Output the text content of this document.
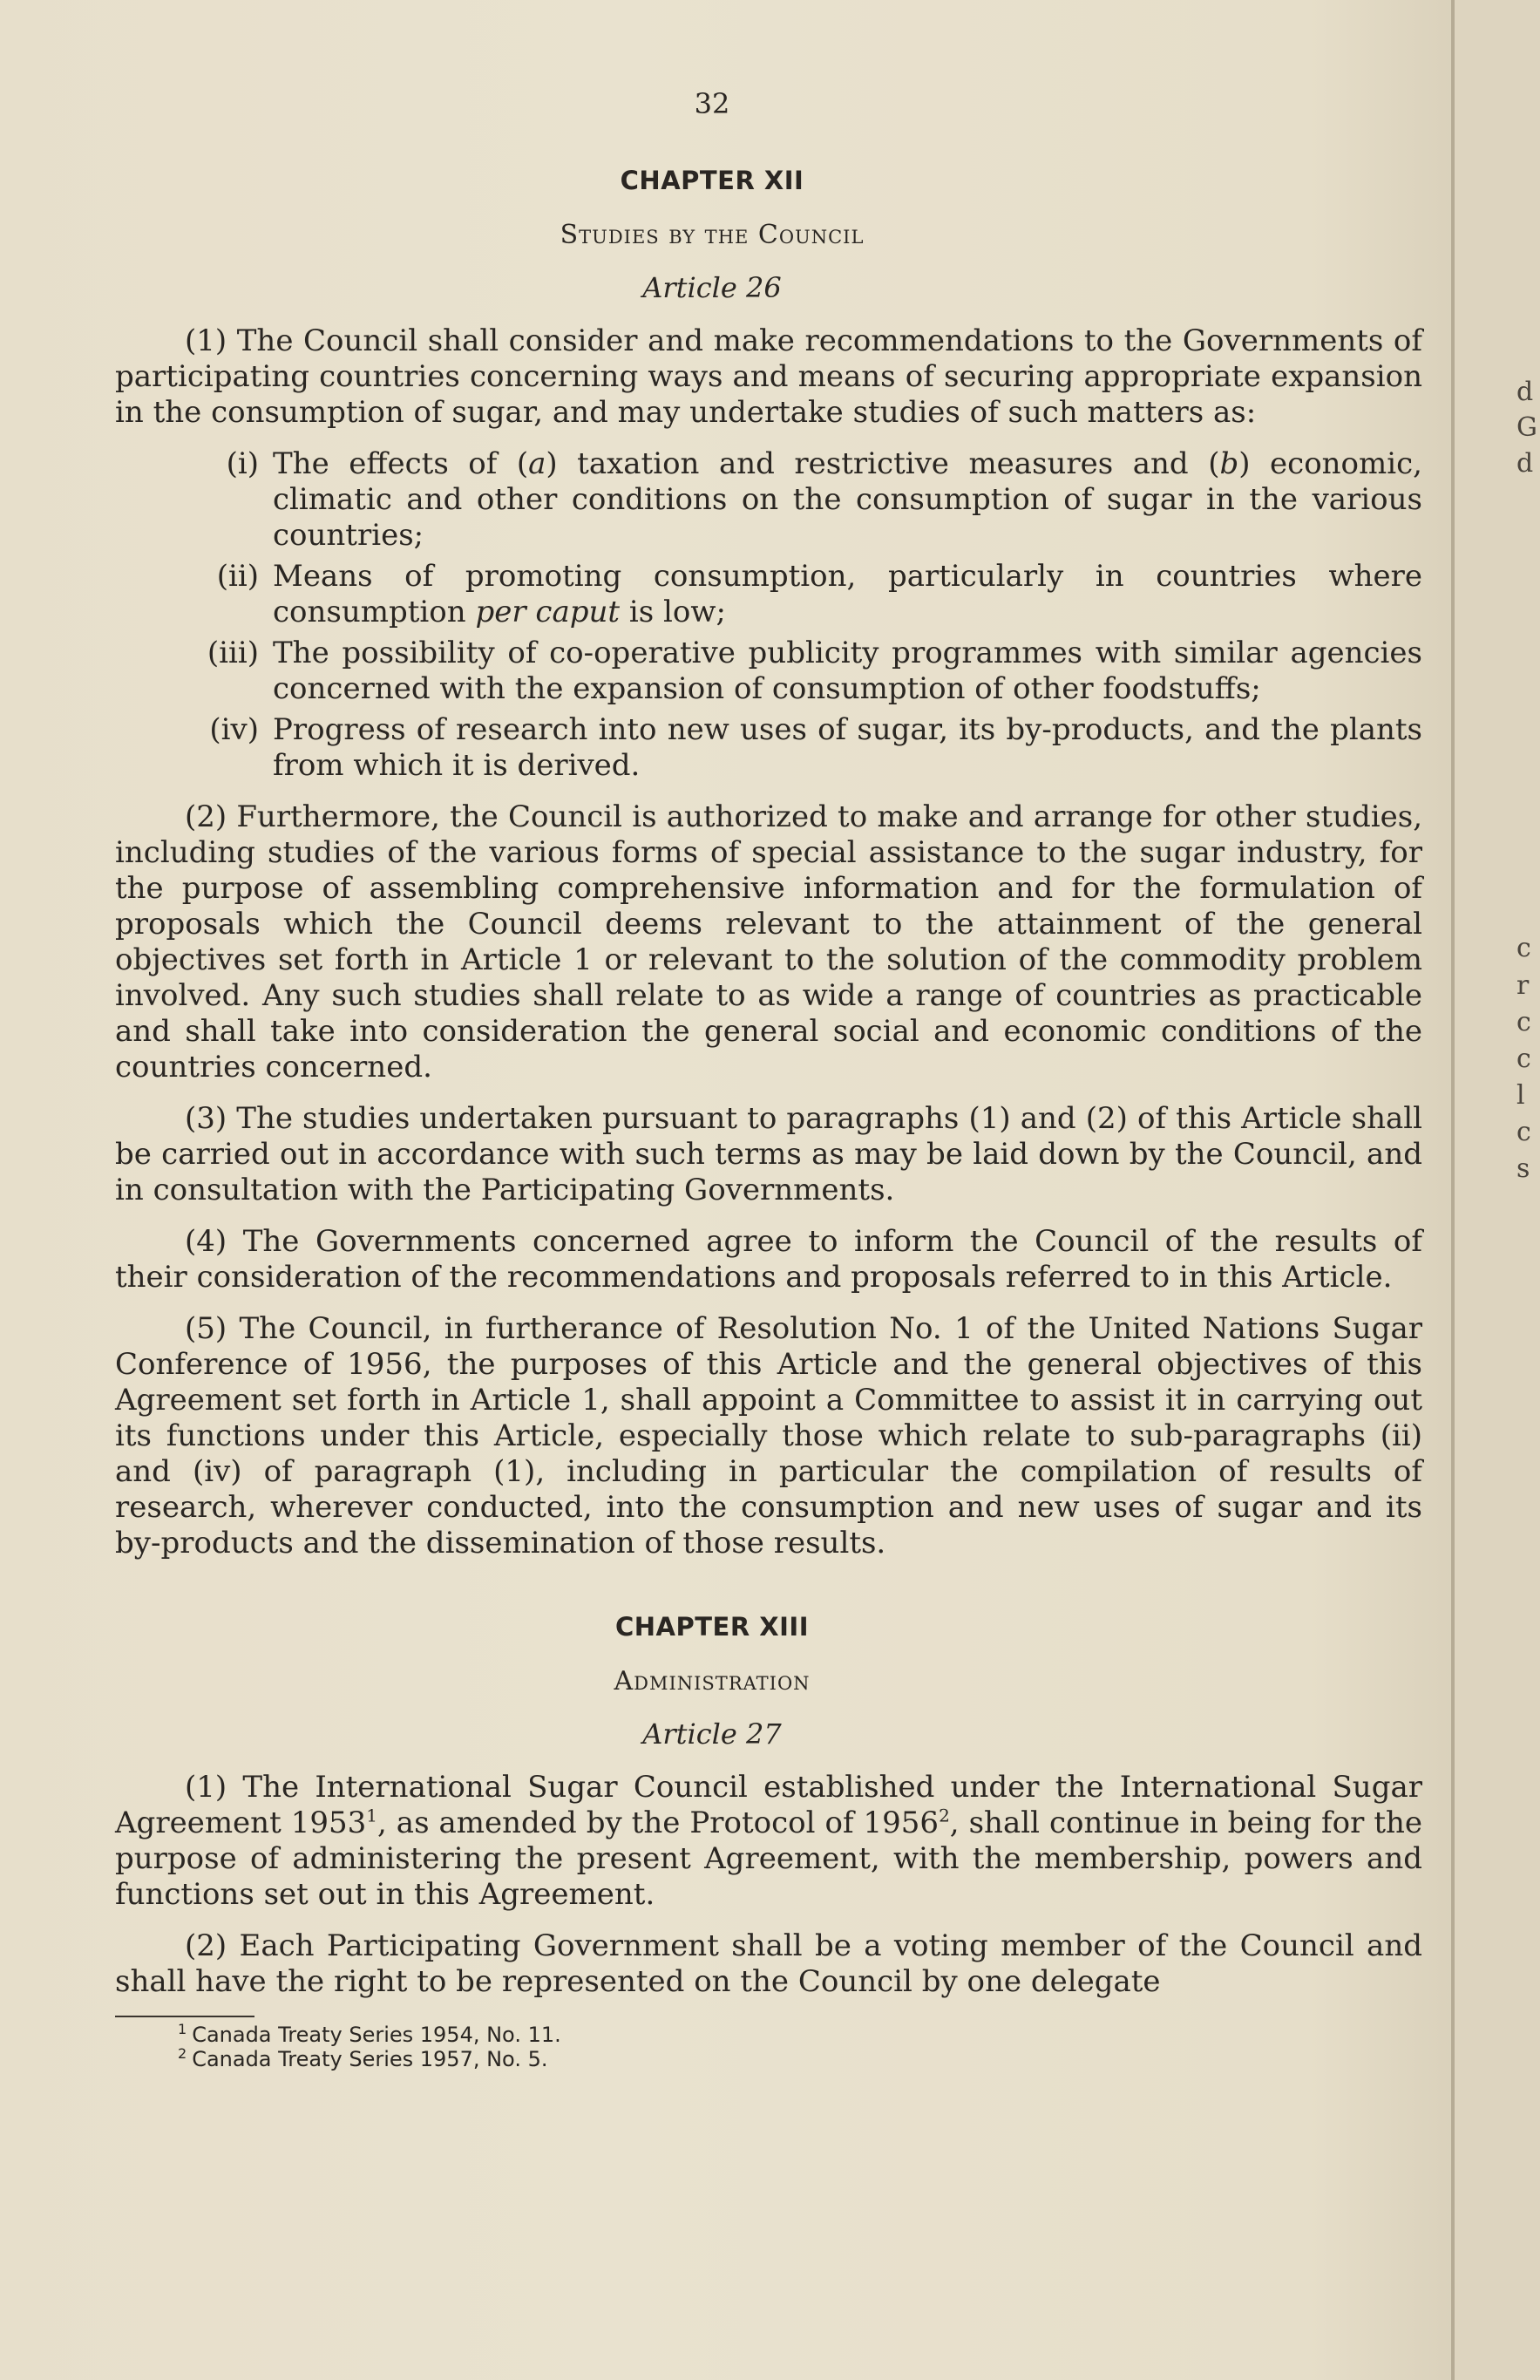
d
G
d
c
r
c
c
l
c
s
32
CHAPTER XII
Studies by the Council
Article 26

(1) The Council shall consider and make recommendations to the Governments of participating countries concerning ways and means of securing appropriate expansion in the consumption of sugar, and may undertake studies of such matters as:

(i) The effects of (a) taxation and restrictive measures and (b) economic, climatic and other conditions on the consumption of sugar in the various countries;
(ii) Means of promoting consumption, particularly in countries where consumption per caput is low;
(iii) The possibility of co-operative publicity programmes with similar agencies concerned with the expansion of consumption of other foodstuffs;
(iv) Progress of research into new uses of sugar, its by-products, and the plants from which it is derived.

(2) Furthermore, the Council is authorized to make and arrange for other studies, including studies of the various forms of special assistance to the sugar industry, for the purpose of assembling comprehensive information and for the formulation of proposals which the Council deems relevant to the attainment of the general objectives set forth in Article 1 or relevant to the solution of the commodity problem involved. Any such studies shall relate to as wide a range of countries as practicable and shall take into consideration the general social and economic conditions of the countries concerned.

(3) The studies undertaken pursuant to paragraphs (1) and (2) of this Article shall be carried out in accordance with such terms as may be laid down by the Council, and in consultation with the Participating Governments.

(4) The Governments concerned agree to inform the Council of the results of their consideration of the recommendations and proposals referred to in this Article.

(5) The Council, in furtherance of Resolution No. 1 of the United Nations Sugar Conference of 1956, the purposes of this Article and the general objectives of this Agreement set forth in Article 1, shall appoint a Committee to assist it in carrying out its functions under this Article, especially those which relate to sub-paragraphs (ii) and (iv) of paragraph (1), including in particular the compilation of results of research, wherever conducted, into the consumption and new uses of sugar and its by-products and the dissemination of those results.

CHAPTER XIII
Administration
Article 27

(1) The International Sugar Council established under the International Sugar Agreement 1953$^1$, as amended by the Protocol of 1956$^2$, shall continue in being for the purpose of administering the present Agreement, with the membership, powers and functions set out in this Agreement.

(2) Each Participating Government shall be a voting member of the Council and shall have the right to be represented on the Council by one delegate

$^1$ Canada Treaty Series 1954, No. 11.
$^2$ Canada Treaty Series 1957, No. 5.
